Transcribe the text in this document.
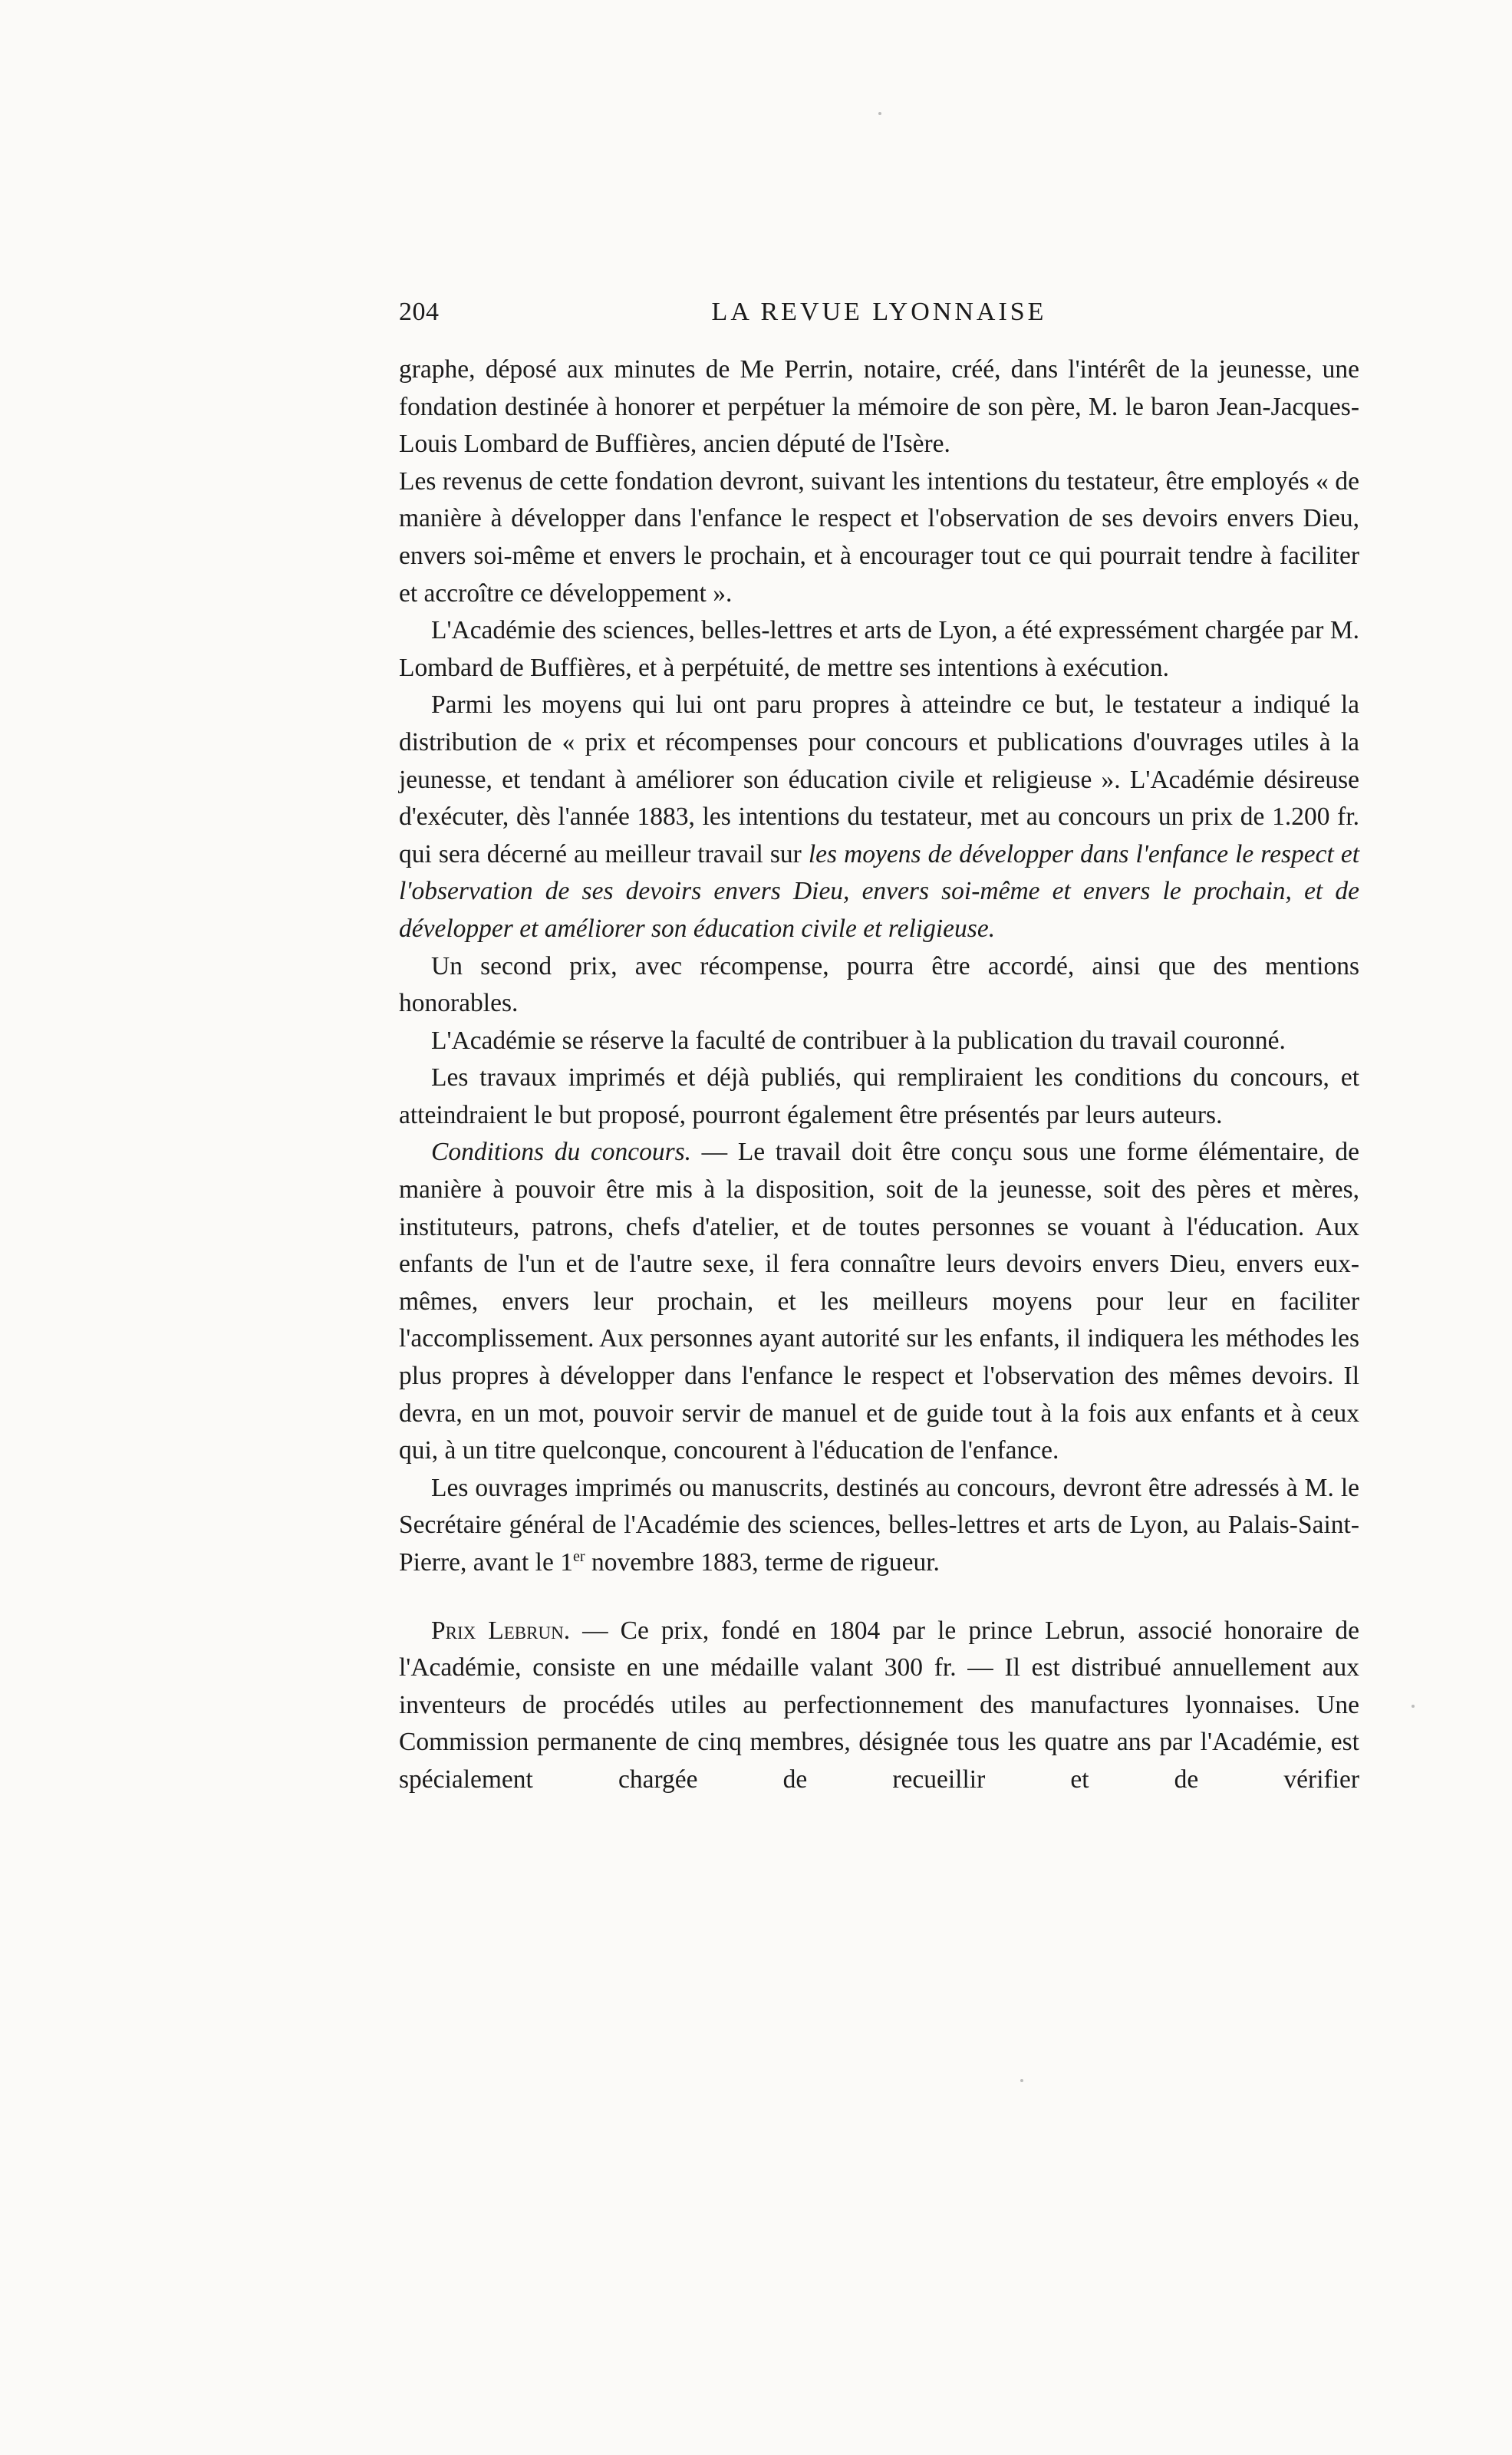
204	LA REVUE LYONNAISE

graphe, déposé aux minutes de Me Perrin, notaire, créé, dans l'intérêt de la jeunesse, une fondation destinée à honorer et perpétuer la mémoire de son père, M. le baron Jean-Jacques-Louis Lombard de Buffières, ancien député de l'Isère.

Les revenus de cette fondation devront, suivant les intentions du testateur, être employés « de manière à développer dans l'enfance le respect et l'observation de ses devoirs envers Dieu, envers soi-même et envers le prochain, et à encourager tout ce qui pourrait tendre à faciliter et accroître ce développement ».

L'Académie des sciences, belles-lettres et arts de Lyon, a été expressément chargée par M. Lombard de Buffières, et à perpétuité, de mettre ses intentions à exécution.

Parmi les moyens qui lui ont paru propres à atteindre ce but, le testateur a indiqué la distribution de « prix et récompenses pour concours et publications d'ouvrages utiles à la jeunesse, et tendant à améliorer son éducation civile et religieuse ». L'Académie désireuse d'exécuter, dès l'année 1883, les intentions du testateur, met au concours un prix de 1.200 fr. qui sera décerné au meilleur travail sur les moyens de développer dans l'enfance le respect et l'observation de ses devoirs envers Dieu, envers soi-même et envers le prochain, et de développer et améliorer son éducation civile et religieuse.

Un second prix, avec récompense, pourra être accordé, ainsi que des mentions honorables.

L'Académie se réserve la faculté de contribuer à la publication du travail couronné.

Les travaux imprimés et déjà publiés, qui rempliraient les conditions du concours, et atteindraient le but proposé, pourront également être présentés par leurs auteurs.

Conditions du concours. — Le travail doit être conçu sous une forme élémentaire, de manière à pouvoir être mis à la disposition, soit de la jeunesse, soit des pères et mères, instituteurs, patrons, chefs d'atelier, et de toutes personnes se vouant à l'éducation. Aux enfants de l'un et de l'autre sexe, il fera connaître leurs devoirs envers Dieu, envers eux-mêmes, envers leur prochain, et les meilleurs moyens pour leur en faciliter l'accomplissement. Aux personnes ayant autorité sur les enfants, il indiquera les méthodes les plus propres à développer dans l'enfance le respect et l'observation des mêmes devoirs. Il devra, en un mot, pouvoir servir de manuel et de guide tout à la fois aux enfants et à ceux qui, à un titre quelconque, concourent à l'éducation de l'enfance.

Les ouvrages imprimés ou manuscrits, destinés au concours, devront être adressés à M. le Secrétaire général de l'Académie des sciences, belles-lettres et arts de Lyon, au Palais-Saint-Pierre, avant le 1er novembre 1883, terme de rigueur.

Prix Lebrun. — Ce prix, fondé en 1804 par le prince Lebrun, associé honoraire de l'Académie, consiste en une médaille valant 300 fr. — Il est distribué annuellement aux inventeurs de procédés utiles au perfectionnement des manufactures lyonnaises. Une Commission permanente de cinq membres, désignée tous les quatre ans par l'Académie, est spécialement chargée de recueillir et de vérifier
